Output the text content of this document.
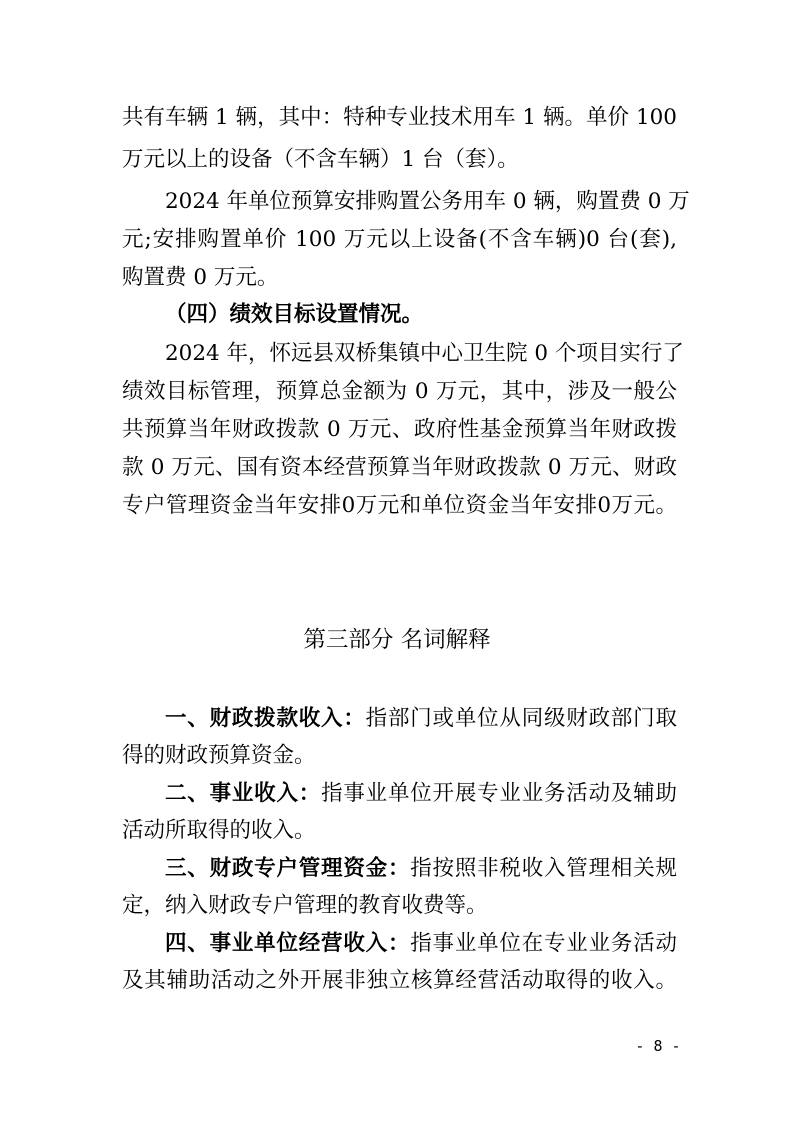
共有车辆 1 辆，其中：特种专业技术用车 1 辆。单价 100
万元以上的设备（不含车辆）1 台（套）。
2024 年单位预算安排购置公务用车 0 辆，购置费 0 万
元;安排购置单价 100 万元以上设备(不含车辆)0 台(套),
购置费 0 万元。
（四）绩效目标设置情况。
2024 年，怀远县双桥集镇中心卫生院 0 个项目实行了
绩效目标管理，预算总金额为 0 万元，其中，涉及一般公
共预算当年财政拨款 0 万元、政府性基金预算当年财政拨
款 0 万元、国有资本经营预算当年财政拨款 0 万元、财政
专户管理资金当年安排0万元和单位资金当年安排0万元。
第三部分 名词解释
一、财政拨款收入：指部门或单位从同级财政部门取
得的财政预算资金。
二、事业收入：指事业单位开展专业业务活动及辅助
活动所取得的收入。
三、财政专户管理资金：指按照非税收入管理相关规
定，纳入财政专户管理的教育收费等。
四、事业单位经营收入：指事业单位在专业业务活动
及其辅助活动之外开展非独立核算经营活动取得的收入。
- 8 -
